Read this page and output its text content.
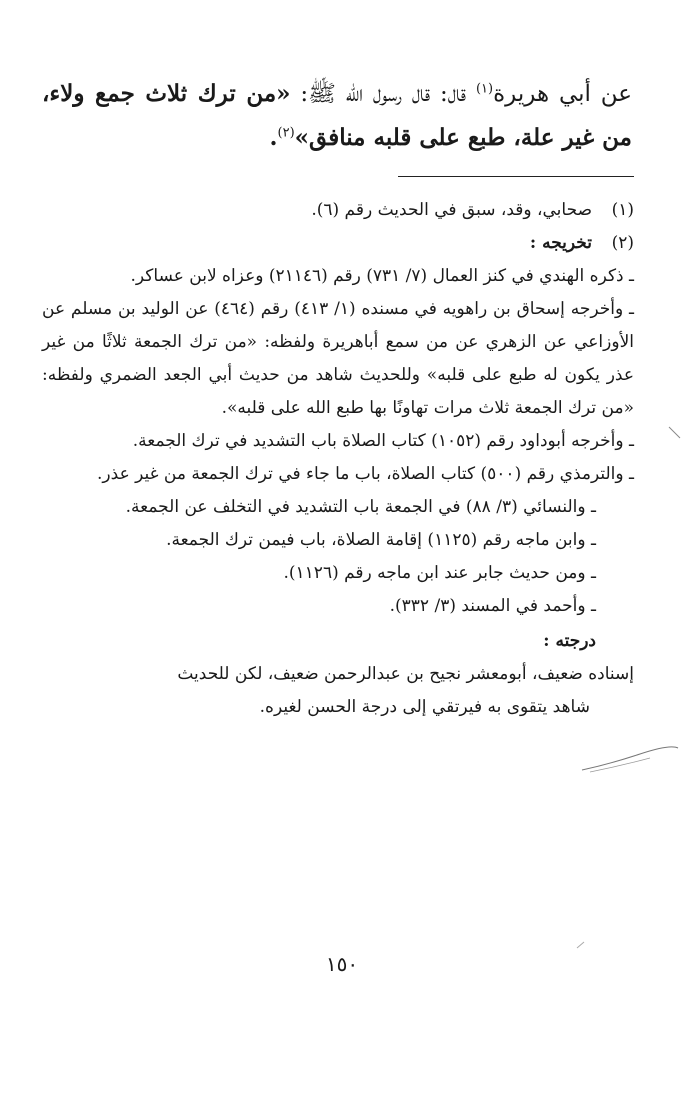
عن أبي هريرة$^{(١)}$ قال: قال رسول الله ﷺ: «من ترك ثلاث جمع ولاء، من غير علة، طبع على قلبه منافق»$^{(٢)}$.
(١)
صحابي، وقد، سبق في الحديث رقم (٦).
(٢)
تخريجه :

ـ ذكره الهندي في كنز العمال (٧/ ٧٣١) رقم (٢١١٤٦) وعزاه لابن عساكر.

ـ وأخرجه إسحاق بن راهويه في مسنده (١/ ٤١٣) رقم (٤٦٤) عن الوليد بن مسلم عن الأوزاعي عن الزهري عن من سمع أباهريرة ولفظه: «من ترك الجمعة ثلاثًا من غير عذر يكون له طبع على قلبه» وللحديث شاهد من حديث أبي الجعد الضمري ولفظه: «من ترك الجمعة ثلاث مرات تهاونًا بها طبع الله على قلبه».

ـ وأخرجه أبوداود رقم (١٠٥٢) كتاب الصلاة باب التشديد في ترك الجمعة.

ـ والترمذي رقم (٥٠٠) كتاب الصلاة، باب ما جاء في ترك الجمعة من غير عذر.

ـ والنسائي (٣/ ٨٨) في الجمعة باب التشديد في التخلف عن الجمعة.

ـ وابن ماجه رقم (١١٢٥) إقامة الصلاة، باب فيمن ترك الجمعة.

ـ ومن حديث جابر عند ابن ماجه رقم (١١٢٦).

ـ وأحمد في المسند (٣/ ٣٣٢).

درجته :
إسناده ضعيف، أبومعشر نجيح بن عبدالرحمن ضعيف، لكن للحديث
شاهد يتقوى به فيرتقي إلى درجة الحسن لغيره.
١٥٠
